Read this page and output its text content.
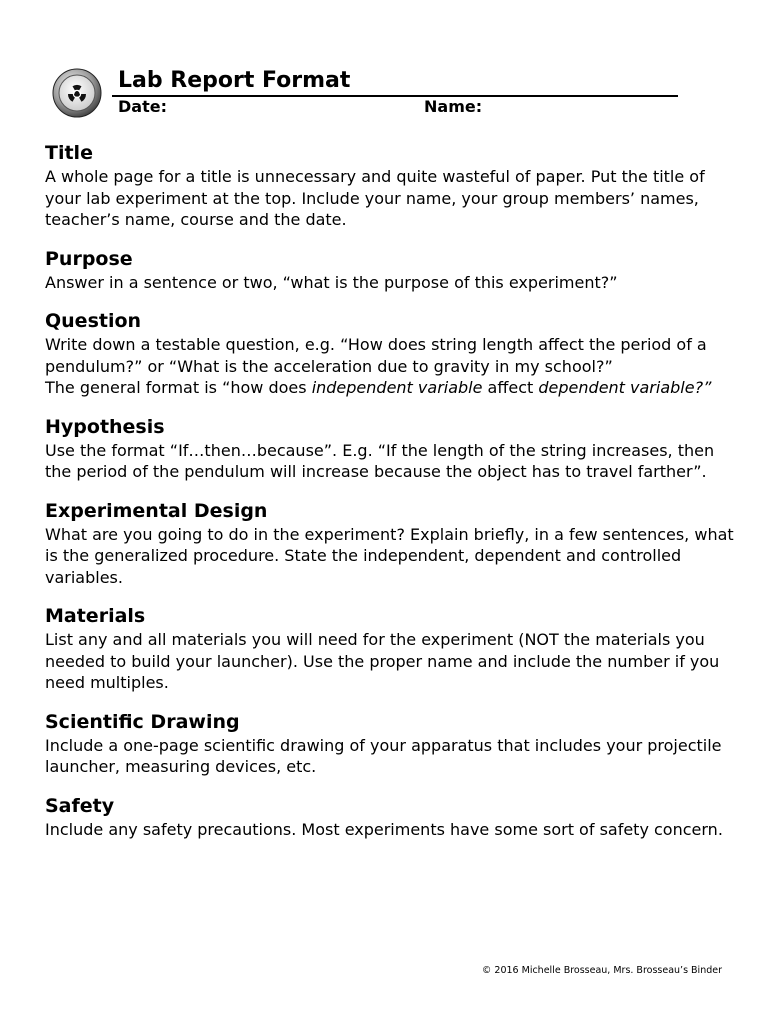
Lab Report Format
Date:	Name:
Title

A whole page for a title is unnecessary and quite wasteful of paper. Put the title of your lab experiment at the top. Include your name, your group members’ names, teacher’s name, course and the date.

Purpose

Answer in a sentence or two, “what is the purpose of this experiment?”

Question

Write down a testable question, e.g. “How does string length affect the period of a pendulum?” or “What is the acceleration due to gravity in my school?”

The general format is “how does independent variable affect dependent variable?”

Hypothesis

Use the format “If…then…because”. E.g. “If the length of the string increases, then the period of the pendulum will increase because the object has to travel farther”.

Experimental Design

What are you going to do in the experiment? Explain briefly, in a few sentences, what is the generalized procedure. State the independent, dependent and controlled variables.

Materials

List any and all materials you will need for the experiment (NOT the materials you needed to build your launcher). Use the proper name and include the number if you need multiples.

Scientific Drawing

Include a one-page scientific drawing of your apparatus that includes your projectile launcher, measuring devices, etc.

Safety

Include any safety precautions. Most experiments have some sort of safety concern.

© 2016 Michelle Brosseau, Mrs. Brosseau’s Binder
